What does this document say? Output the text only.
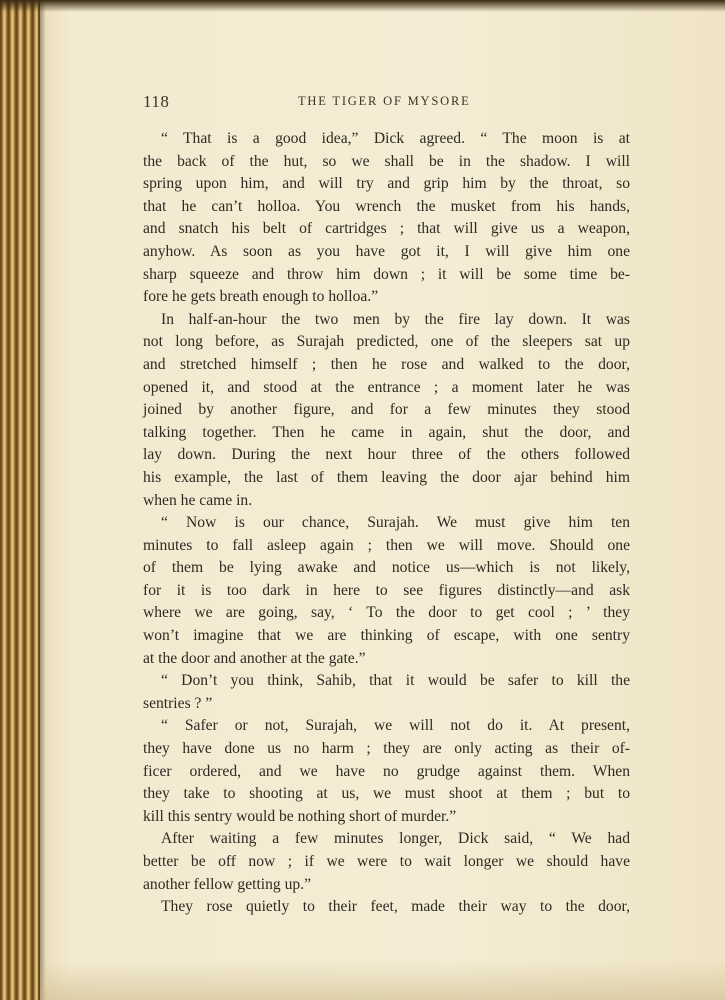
118	THE TIGER OF MYSORE
“ That is a good idea,” Dick agreed. “ The moon is at
the back of the hut, so we shall be in the shadow. I will
spring upon him, and will try and grip him by the throat, so
that he can’t holloa. You wrench the musket from his hands,
and snatch his belt of cartridges ; that will give us a weapon,
anyhow. As soon as you have got it, I will give him one
sharp squeeze and throw him down ; it will be some time be-
fore he gets breath enough to holloa.”
In half-an-hour the two men by the fire lay down. It was
not long before, as Surajah predicted, one of the sleepers sat up
and stretched himself ; then he rose and walked to the door,
opened it, and stood at the entrance ; a moment later he was
joined by another figure, and for a few minutes they stood
talking together. Then he came in again, shut the door, and
lay down. During the next hour three of the others followed
his example, the last of them leaving the door ajar behind him
when he came in.
“ Now is our chance, Surajah. We must give him ten
minutes to fall asleep again ; then we will move. Should one
of them be lying awake and notice us—which is not likely,
for it is too dark in here to see figures distinctly—and ask
where we are going, say, ‘ To the door to get cool ; ’ they
won’t imagine that we are thinking of escape, with one sentry
at the door and another at the gate.”
“ Don’t you think, Sahib, that it would be safer to kill the
sentries ? ”
“ Safer or not, Surajah, we will not do it. At present,
they have done us no harm ; they are only acting as their of-
ficer ordered, and we have no grudge against them. When
they take to shooting at us, we must shoot at them ; but to
kill this sentry would be nothing short of murder.”
After waiting a few minutes longer, Dick said, “ We had
better be off now ; if we were to wait longer we should have
another fellow getting up.”
They rose quietly to their feet, made their way to the door,
